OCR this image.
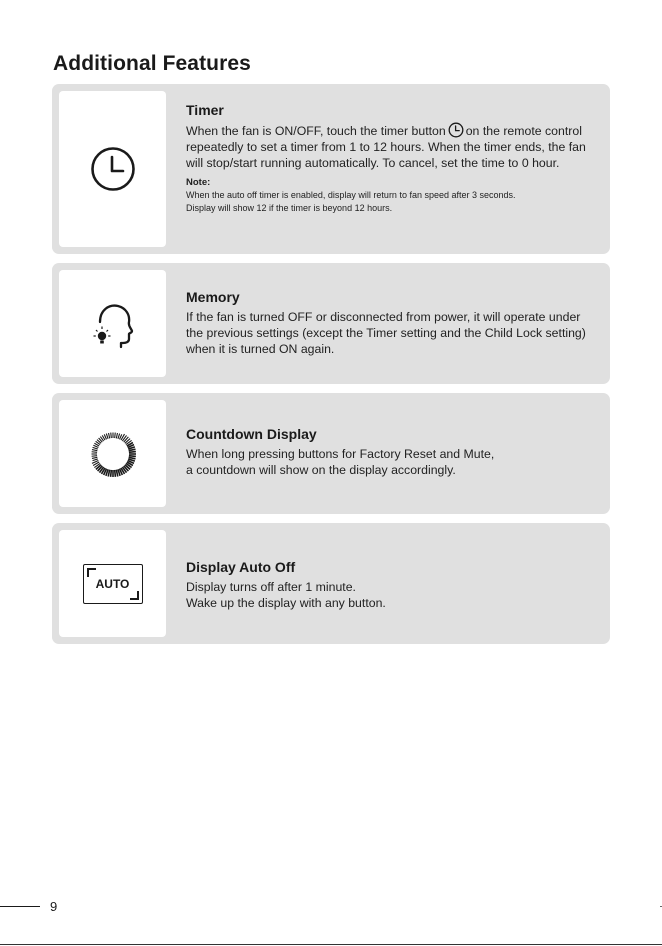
Additional Features

Timer

When the fan is ON/OFF, touch the timer button on the remote control repeatedly to set a timer from 1 to 12 hours. When the timer ends, the fan will stop/start running automatically. To cancel, set the time to 0 hour.

Note:

When the auto off timer is enabled, display will return to fan speed after 3 seconds.

Display will show 12 if the timer is beyond 12 hours.

Memory

If the fan is turned OFF or disconnected from power, it will operate under the previous settings (except the Timer setting and the Child Lock setting) when it is turned ON again.

Countdown Display

When long pressing buttons for Factory Reset and Mute,

a countdown will show on the display accordingly.

AUTO

Display Auto Off

Display turns off after 1 minute.

Wake up the display with any button.

9
